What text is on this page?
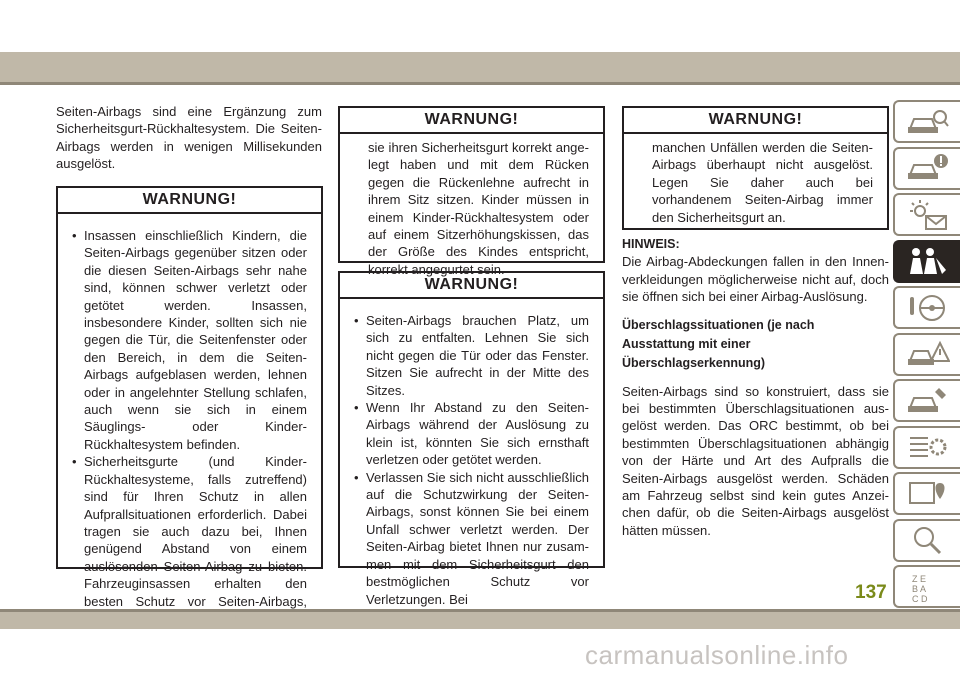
Seiten-Airbags sind eine Ergänzung zum Sicherheitsgurt-Rückhaltesystem. Die Seiten-Airbags werden in wenigen Millisekunden ausgelöst.

WARNUNG!
• Insassen einschließlich Kindern, die Seiten-Airbags gegenüber sitzen oder die diesen Seiten-Airbags sehr nahe sind, können schwer verletzt oder getötet werden. Insassen, insbesondere Kinder, sollten sich nie gegen die Tür, die Seitenfenster oder den Bereich, in dem die Seiten-Airbags aufgeblasen werden, lehnen oder in angelehnter Stellung schlafen, auch wenn sie sich in einem Säuglings- oder Kinder-Rückhaltesystem befinden.
• Sicherheitsgurte (und Kinder-Rückhaltesysteme, falls zutreffend) sind für Ihren Schutz in allen Aufprallsituationen erforderlich. Dabei tragen sie auch dazu bei, Ihnen genügend Abstand von einem auslösenden Seiten-Airbag zu bieten. Fahrzeuginsassen erhalten den besten Schutz vor Seiten-Airbags,
WARNUNG!
sie ihren Sicherheitsgurt korrekt angelegt haben und mit dem Rücken gegen die Rückenlehne aufrecht in ihrem Sitz sitzen. Kinder müssen in einem Kinder-Rückhaltesystem oder auf einem Sitzerhöhungskissen, das der Größe des Kindes entspricht, korrekt angegurtet sein.
WARNUNG!
• Seiten-Airbags brauchen Platz, um sich zu entfalten. Lehnen Sie sich nicht gegen die Tür oder das Fenster. Sitzen Sie aufrecht in der Mitte des Sitzes.
• Wenn Ihr Abstand zu den Seiten-Airbags während der Auslösung zu klein ist, könnten Sie sich ernsthaft verletzen oder getötet werden.
• Verlassen Sie sich nicht ausschließlich auf die Schutzwirkung der Seiten-Airbags, sonst können Sie bei einem Unfall schwer verletzt werden. Der Seiten-Airbag bietet Ihnen nur zusammen mit dem Sicherheitsgurt den bestmöglichen Schutz vor Verletzungen. Bei
WARNUNG!
manchen Unfällen werden die Seiten-Airbags überhaupt nicht ausgelöst. Legen Sie daher auch bei vorhandenem Seiten-Airbag immer den Sicherheitsgurt an.

HINWEIS:

Die Airbag-Abdeckungen fallen in den Innenverkleidungen möglicherweise nicht auf, doch sie öffnen sich bei einer Airbag-Auslösung.

Überschlagssituationen (je nach Ausstattung mit einer Überschlagserkennung)

Seiten-Airbags sind so konstruiert, dass sie bei bestimmten Überschlagsituationen ausgelöst werden. Das ORC bestimmt, ob bei bestimmten Überschlagsituationen abhängig von der Härte und Art des Aufpralls die Seiten-Airbags ausgelöst werden. Schäden am Fahrzeug selbst sind kein gutes Anzeichen dafür, ob die Seiten-Airbags ausgelöst hätten müssen.

Z E
B A
C D
137
carmanualsonline.info
